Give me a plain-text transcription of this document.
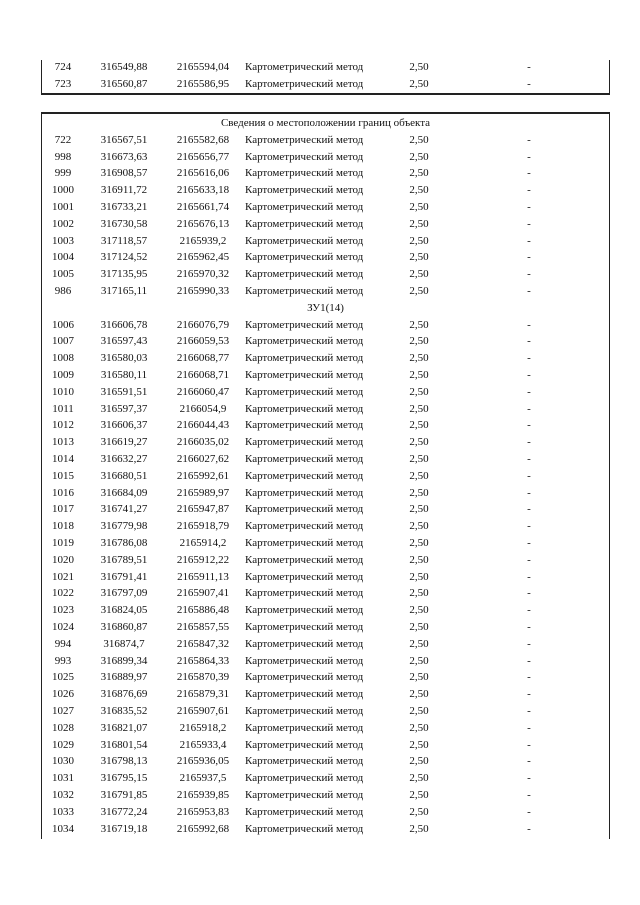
724	316549,88	2165594,04	Картометрический метод	2,50	-
723	316560,87	2165586,95	Картометрический метод	2,50	-
Сведения о местоположении границ объекта
722	316567,51	2165582,68	Картометрический метод	2,50	-
998	316673,63	2165656,77	Картометрический метод	2,50	-
999	316908,57	2165616,06	Картометрический метод	2,50	-
1000	316911,72	2165633,18	Картометрический метод	2,50	-
1001	316733,21	2165661,74	Картометрический метод	2,50	-
1002	316730,58	2165676,13	Картометрический метод	2,50	-
1003	317118,57	2165939,2	Картометрический метод	2,50	-
1004	317124,52	2165962,45	Картометрический метод	2,50	-
1005	317135,95	2165970,32	Картометрический метод	2,50	-
986	317165,11	2165990,33	Картометрический метод	2,50	-
ЗУ1(14)
1006	316606,78	2166076,79	Картометрический метод	2,50	-
1007	316597,43	2166059,53	Картометрический метод	2,50	-
1008	316580,03	2166068,77	Картометрический метод	2,50	-
1009	316580,11	2166068,71	Картометрический метод	2,50	-
1010	316591,51	2166060,47	Картометрический метод	2,50	-
1011	316597,37	2166054,9	Картометрический метод	2,50	-
1012	316606,37	2166044,43	Картометрический метод	2,50	-
1013	316619,27	2166035,02	Картометрический метод	2,50	-
1014	316632,27	2166027,62	Картометрический метод	2,50	-
1015	316680,51	2165992,61	Картометрический метод	2,50	-
1016	316684,09	2165989,97	Картометрический метод	2,50	-
1017	316741,27	2165947,87	Картометрический метод	2,50	-
1018	316779,98	2165918,79	Картометрический метод	2,50	-
1019	316786,08	2165914,2	Картометрический метод	2,50	-
1020	316789,51	2165912,22	Картометрический метод	2,50	-
1021	316791,41	2165911,13	Картометрический метод	2,50	-
1022	316797,09	2165907,41	Картометрический метод	2,50	-
1023	316824,05	2165886,48	Картометрический метод	2,50	-
1024	316860,87	2165857,55	Картометрический метод	2,50	-
994	316874,7	2165847,32	Картометрический метод	2,50	-
993	316899,34	2165864,33	Картометрический метод	2,50	-
1025	316889,97	2165870,39	Картометрический метод	2,50	-
1026	316876,69	2165879,31	Картометрический метод	2,50	-
1027	316835,52	2165907,61	Картометрический метод	2,50	-
1028	316821,07	2165918,2	Картометрический метод	2,50	-
1029	316801,54	2165933,4	Картометрический метод	2,50	-
1030	316798,13	2165936,05	Картометрический метод	2,50	-
1031	316795,15	2165937,5	Картометрический метод	2,50	-
1032	316791,85	2165939,85	Картометрический метод	2,50	-
1033	316772,24	2165953,83	Картометрический метод	2,50	-
1034	316719,18	2165992,68	Картометрический метод	2,50	-
